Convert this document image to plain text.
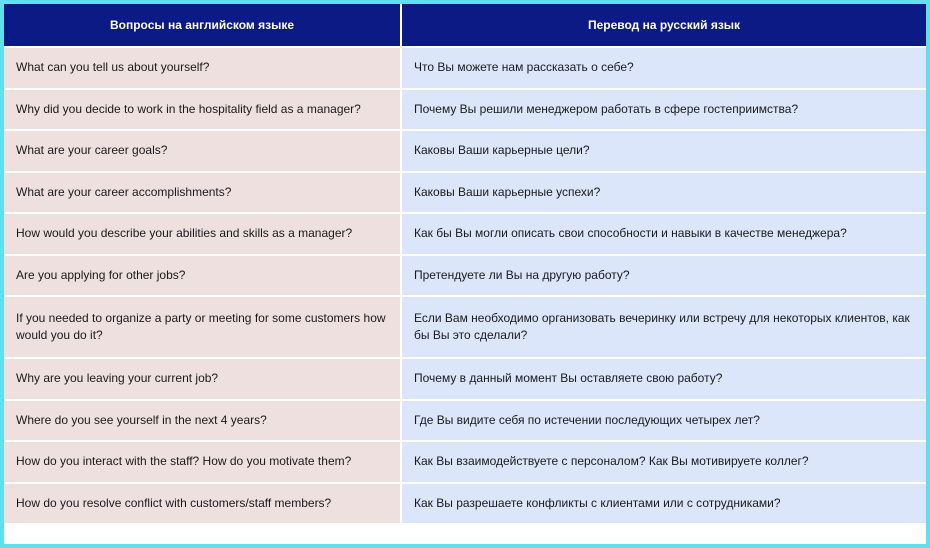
Вопросы на английском языке	Перевод на русский язык
What can you tell us about yourself?	Что Вы можете нам рассказать о себе?
Why did you decide to work in the hospitality field as a manager?	Почему Вы решили менеджером работать в сфере гостеприимства?
What are your career goals?	Каковы Ваши карьерные цели?
What are your career accomplishments?	Каковы Ваши карьерные успехи?
How would you describe your abilities and skills as a manager?	Как бы Вы могли описать свои способности и навыки в качестве менеджера?
Are you applying for other jobs?	Претендуете ли Вы на другую работу?
If you needed to organize a party or meeting for some customers how would you do it?	Если Вам необходимо организовать вечеринку или встречу для некоторых клиентов, как бы Вы это сделали?
Why are you leaving your current job?	Почему в данный момент Вы оставляете свою работу?
Where do you see yourself in the next 4 years?	Где Вы видите себя по истечении последующих четырех лет?
How do you interact with the staff? How do you motivate them?	Как Вы взаимодействуете с персоналом? Как Вы мотивируете коллег?
How do you resolve conflict with customers/staff members?	Как Вы разрешаете конфликты с клиентами или с сотрудниками?
